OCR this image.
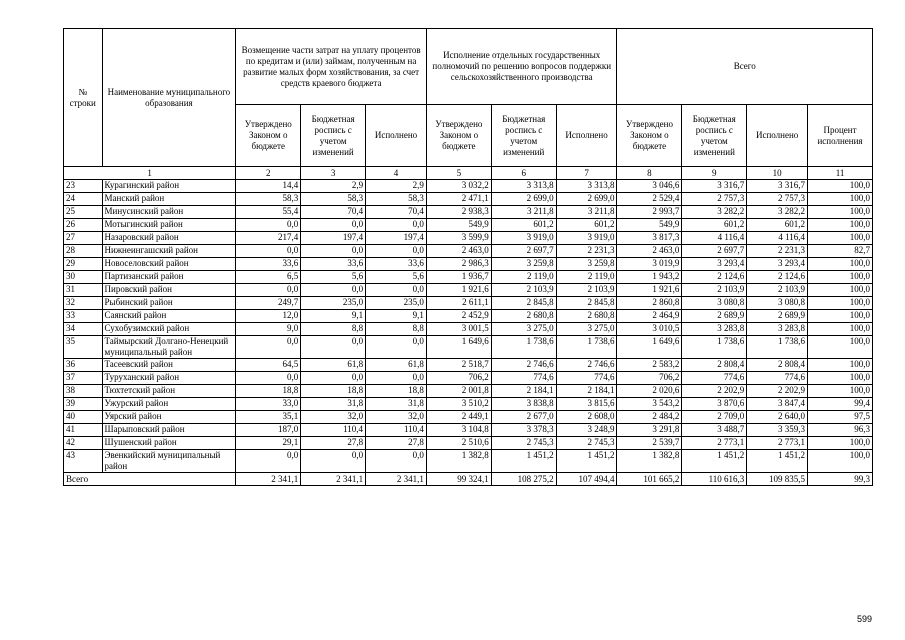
№ строки	Наименование муниципального образования	Возмещение части затрат на уплату процентов по кредитам и (или) займам, полученным на развитие малых форм хозяйствования, за счет средств краевого бюджета			Исполнение отдельных государственных полномочий по решению вопросов поддержки сельскохозяйственного производства			Всего			
		Утверждено Законом о бюджете	Бюджетная роспись с учетом изменений	Исполнено	Утверждено Законом о бюджете	Бюджетная роспись с учетом изменений	Исполнено	Утверждено Законом о бюджете	Бюджетная роспись с учетом изменений	Исполнено	Процент исполнения
1		2	3	4	5	6	7	8	9	10	11
23	Курагинский район	14,4	2,9	2,9	3 032,2	3 313,8	3 313,8	3 046,6	3 316,7	3 316,7	100,0
24	Манский район	58,3	58,3	58,3	2 471,1	2 699,0	2 699,0	2 529,4	2 757,3	2 757,3	100,0
25	Минусинский район	55,4	70,4	70,4	2 938,3	3 211,8	3 211,8	2 993,7	3 282,2	3 282,2	100,0
26	Мотыгинский район	0,0	0,0	0,0	549,9	601,2	601,2	549,9	601,2	601,2	100,0
27	Назаровский район	217,4	197,4	197,4	3 599,9	3 919,0	3 919,0	3 817,3	4 116,4	4 116,4	100,0
28	Нижнеингашский район	0,0	0,0	0,0	2 463,0	2 697,7	2 231,3	2 463,0	2 697,7	2 231,3	82,7
29	Новоселовский район	33,6	33,6	33,6	2 986,3	3 259,8	3 259,8	3 019,9	3 293,4	3 293,4	100,0
30	Партизанский район	6,5	5,6	5,6	1 936,7	2 119,0	2 119,0	1 943,2	2 124,6	2 124,6	100,0
31	Пировский район	0,0	0,0	0,0	1 921,6	2 103,9	2 103,9	1 921,6	2 103,9	2 103,9	100,0
32	Рыбинский район	249,7	235,0	235,0	2 611,1	2 845,8	2 845,8	2 860,8	3 080,8	3 080,8	100,0
33	Саянский район	12,0	9,1	9,1	2 452,9	2 680,8	2 680,8	2 464,9	2 689,9	2 689,9	100,0
34	Сухобузимский район	9,0	8,8	8,8	3 001,5	3 275,0	3 275,0	3 010,5	3 283,8	3 283,8	100,0
35	Таймырский Долгано-Ненецкий муниципальный район	0,0	0,0	0,0	1 649,6	1 738,6	1 738,6	1 649,6	1 738,6	1 738,6	100,0
36	Тасеевский район	64,5	61,8	61,8	2 518,7	2 746,6	2 746,6	2 583,2	2 808,4	2 808,4	100,0
37	Туруханский район	0,0	0,0	0,0	706,2	774,6	774,6	706,2	774,6	774,6	100,0
38	Тюхтетский район	18,8	18,8	18,8	2 001,8	2 184,1	2 184,1	2 020,6	2 202,9	2 202,9	100,0
39	Ужурский район	33,0	31,8	31,8	3 510,2	3 838,8	3 815,6	3 543,2	3 870,6	3 847,4	99,4
40	Уярский район	35,1	32,0	32,0	2 449,1	2 677,0	2 608,0	2 484,2	2 709,0	2 640,0	97,5
41	Шарыповский район	187,0	110,4	110,4	3 104,8	3 378,3	3 248,9	3 291,8	3 488,7	3 359,3	96,3
42	Шушенский район	29,1	27,8	27,8	2 510,6	2 745,3	2 745,3	2 539,7	2 773,1	2 773,1	100,0
43	Эвенкийский муниципальный район	0,0	0,0	0,0	1 382,8	1 451,2	1 451,2	1 382,8	1 451,2	1 451,2	100,0
Всего		2 341,1	2 341,1	2 341,1	99 324,1	108 275,2	107 494,4	101 665,2	110 616,3	109 835,5	99,3
599
